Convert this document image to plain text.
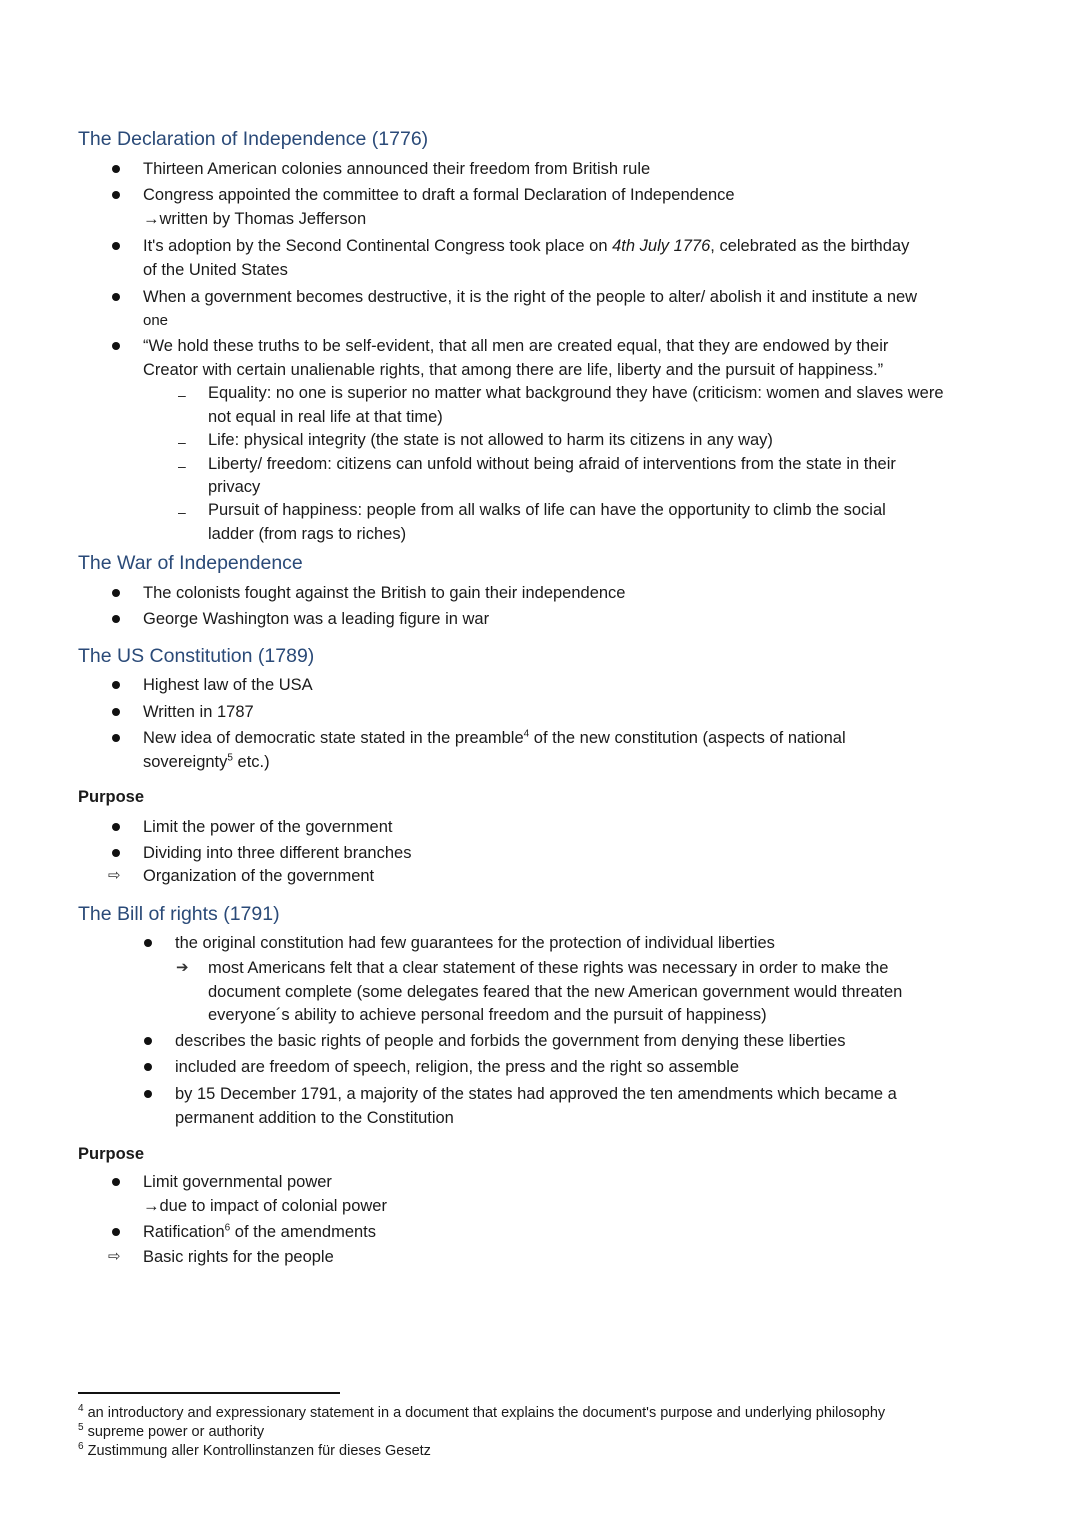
The Declaration of Independence (1776)
Thirteen American colonies announced their freedom from British rule
Congress appointed the committee to draft a formal Declaration of Independence
→written by Thomas Jefferson
It's adoption by the Second Continental Congress took place on 4th July 1776, celebrated as the birthday
of the United States
When a government becomes destructive, it is the right of the people to alter/ abolish it and institute a new
one
“We hold these truths to be self-evident, that all men are created equal, that they are endowed by their
Creator with certain unalienable rights, that among there are life, liberty and the pursuit of happiness.”
– Equality: no one is superior no matter what background they have (criticism: women and slaves were
not equal in real life at that time)
– Life: physical integrity (the state is not allowed to harm its citizens in any way)
– Liberty/ freedom: citizens can unfold without being afraid of interventions from the state in their
privacy
– Pursuit of happiness: people from all walks of life can have the opportunity to climb the social
ladder (from rags to riches)
The War of Independence
The colonists fought against the British to gain their independence
George Washington was a leading figure in war
The US Constitution (1789)
Highest law of the USA
Written in 1787
New idea of democratic state stated in the preamble$^4$ of the new constitution (aspects of national
sovereignty$^5$ etc.)
Purpose
Limit the power of the government
Dividing into three different branches
⇨ Organization of the government
The Bill of rights (1791)
the original constitution had few guarantees for the protection of individual liberties
➔ most Americans felt that a clear statement of these rights was necessary in order to make the
document complete (some delegates feared that the new American government would threaten
everyone´s ability to achieve personal freedom and the pursuit of happiness)
describes the basic rights of people and forbids the government from denying these liberties
included are freedom of speech, religion, the press and the right so assemble
by 15 December 1791, a majority of the states had approved the ten amendments which became a
permanent addition to the Constitution
Purpose
Limit governmental power
→due to impact of colonial power
Ratification$^6$ of the amendments
⇨ Basic rights for the people
$^4$ an introductory and expressionary statement in a document that explains the document's purpose and underlying philosophy
$^5$ supreme power or authority
$^6$ Zustimmung aller Kontrollinstanzen für dieses Gesetz
